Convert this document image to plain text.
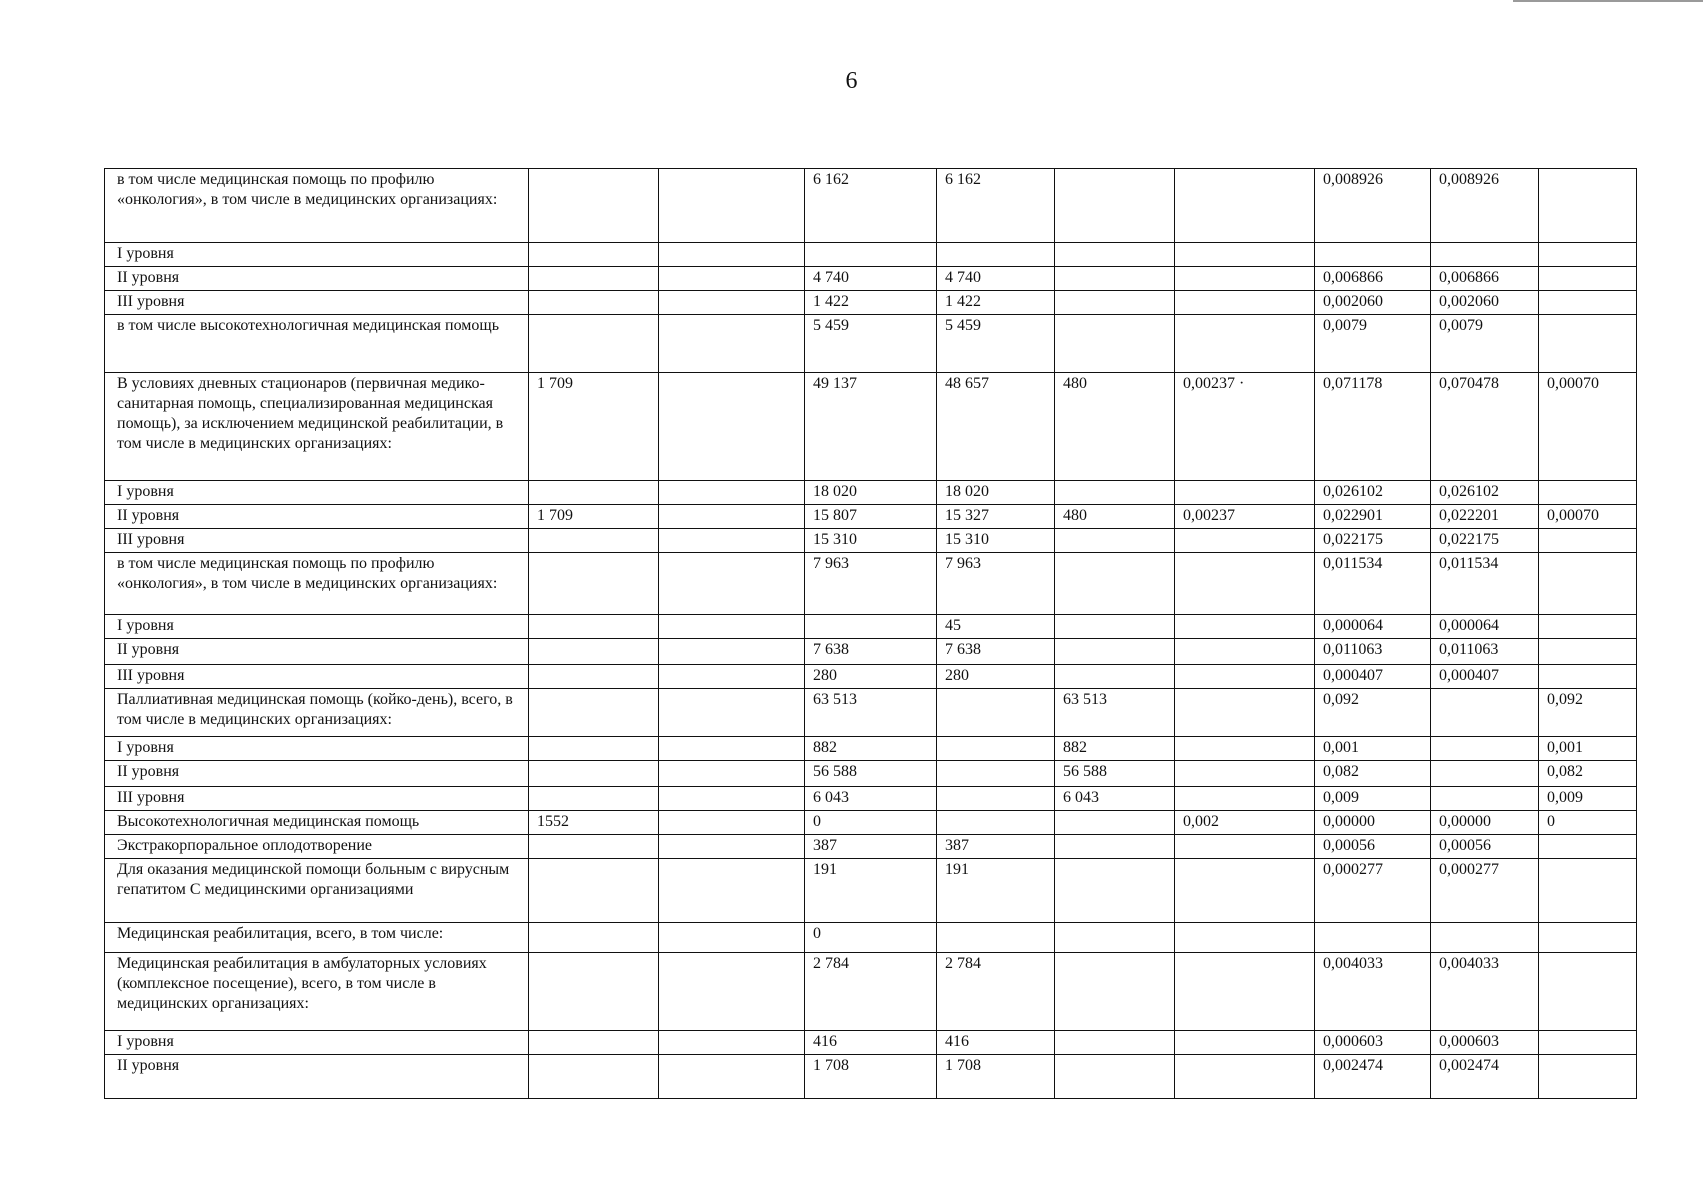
6
в том числе медицинская помощь по профилю «онкология», в том числе в медицинских организациях:			6 162	6 162			0,008926	0,008926	
I уровня									
II уровня			4 740	4 740			0,006866	0,006866	
III уровня			1 422	1 422			0,002060	0,002060	
в том числе высокотехнологичная медицинская помощь			5 459	5 459			0,0079	0,0079	
В условиях дневных стационаров (первичная медико-санитарная помощь, специализированная медицинская помощь), за исключением медицинской реабилитации, в том числе в медицинских организациях:	1 709		49 137	48 657	480	0,00237 ·	0,071178	0,070478	0,00070
I уровня			18 020	18 020			0,026102	0,026102	
II уровня	1 709		15 807	15 327	480	0,00237	0,022901	0,022201	0,00070
III уровня			15 310	15 310			0,022175	0,022175	
в том числе медицинская помощь по профилю «онкология», в том числе в медицинских организациях:			7 963	7 963			0,011534	0,011534	
I уровня				45			0,000064	0,000064	
II уровня			7 638	7 638			0,011063	0,011063	
III уровня			280	280			0,000407	0,000407	
Паллиативная медицинская помощь (койко-день), всего, в том числе в медицинских организациях:			63 513		63 513		0,092		0,092
I уровня			882		882		0,001		0,001
II уровня			56 588		56 588		0,082		0,082
III уровня			6 043		6 043		0,009		0,009
Высокотехнологичная медицинская помощь	1552		0			0,002	0,00000	0,00000	0
Экстракорпоральное оплодотворение			387	387			0,00056	0,00056	
Для оказания медицинской помощи больным с вирусным гепатитом С медицинскими организациями			191	191			0,000277	0,000277	
Медицинская реабилитация, всего, в том числе:			0						
Медицинская реабилитация в амбулаторных условиях (комплексное посещение), всего, в том числе в медицинских организациях:			2 784	2 784			0,004033	0,004033	
I уровня			416	416			0,000603	0,000603	
II уровня			1 708	1 708			0,002474	0,002474	
